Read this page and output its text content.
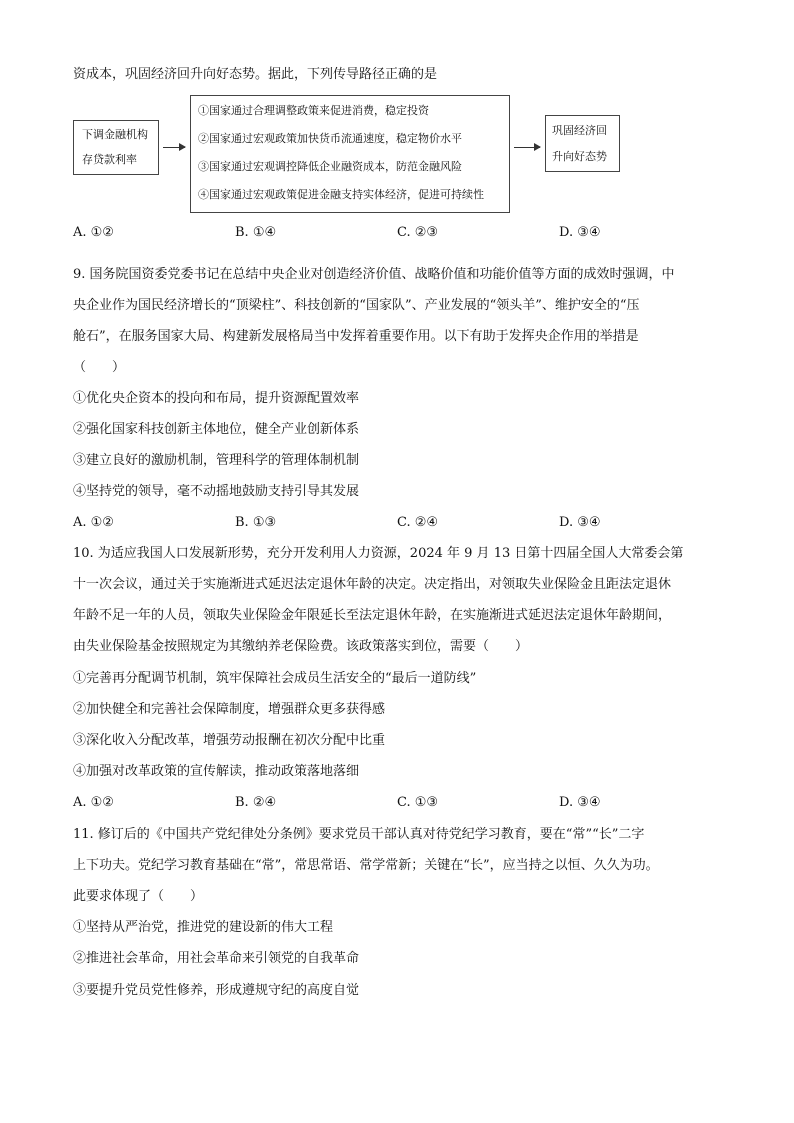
资成本，巩固经济回升向好态势。据此，下列传导路径正确的是
下调金融机构
存贷款利率
①国家通过合理调整政策来促进消费，稳定投资
②国家通过宏观政策加快货币流通速度，稳定物价水平
③国家通过宏观调控降低企业融资成本，防范金融风险
④国家通过宏观政策促进金融支持实体经济，促进可持续性
巩固经济回
升向好态势
A. ①②	B. ①④	C. ②③	D. ③④
9. 国务院国资委党委书记在总结中央企业对创造经济价值、战略价值和功能价值等方面的成效时强调，中
央企业作为国民经济增长的“顶梁柱”、科技创新的“国家队”、产业发展的“领头羊”、维护安全的“压
舱石”，在服务国家大局、构建新发展格局当中发挥着重要作用。以下有助于发挥央企作用的举措是
（　　）
①优化央企资本的投向和布局，提升资源配置效率
②强化国家科技创新主体地位，健全产业创新体系
③建立良好的激励机制，管理科学的管理体制机制
④坚持党的领导，毫不动摇地鼓励支持引导其发展
A. ①②	B. ①③	C. ②④	D. ③④
10. 为适应我国人口发展新形势，充分开发利用人力资源，2024 年 9 月 13 日第十四届全国人大常委会第
十一次会议，通过关于实施渐进式延迟法定退休年龄的决定。决定指出，对领取失业保险金且距法定退休
年龄不足一年的人员，领取失业保险金年限延长至法定退休年龄，在实施渐进式延迟法定退休年龄期间，
由失业保险基金按照规定为其缴纳养老保险费。该政策落实到位，需要（　　）
①完善再分配调节机制，筑牢保障社会成员生活安全的“最后一道防线”
②加快健全和完善社会保障制度，增强群众更多获得感
③深化收入分配改革，增强劳动报酬在初次分配中比重
④加强对改革政策的宣传解读，推动政策落地落细
A. ①②	B. ②④	C. ①③	D. ③④
11. 修订后的《中国共产党纪律处分条例》要求党员干部认真对待党纪学习教育，要在“常”“长”二字
上下功夫。党纪学习教育基础在“常”，常思常语、常学常新；关键在“长”，应当持之以恒、久久为功。
此要求体现了（　　）
①坚持从严治党，推进党的建设新的伟大工程
②推进社会革命，用社会革命来引领党的自我革命
③要提升党员党性修养，形成遵规守纪的高度自觉
